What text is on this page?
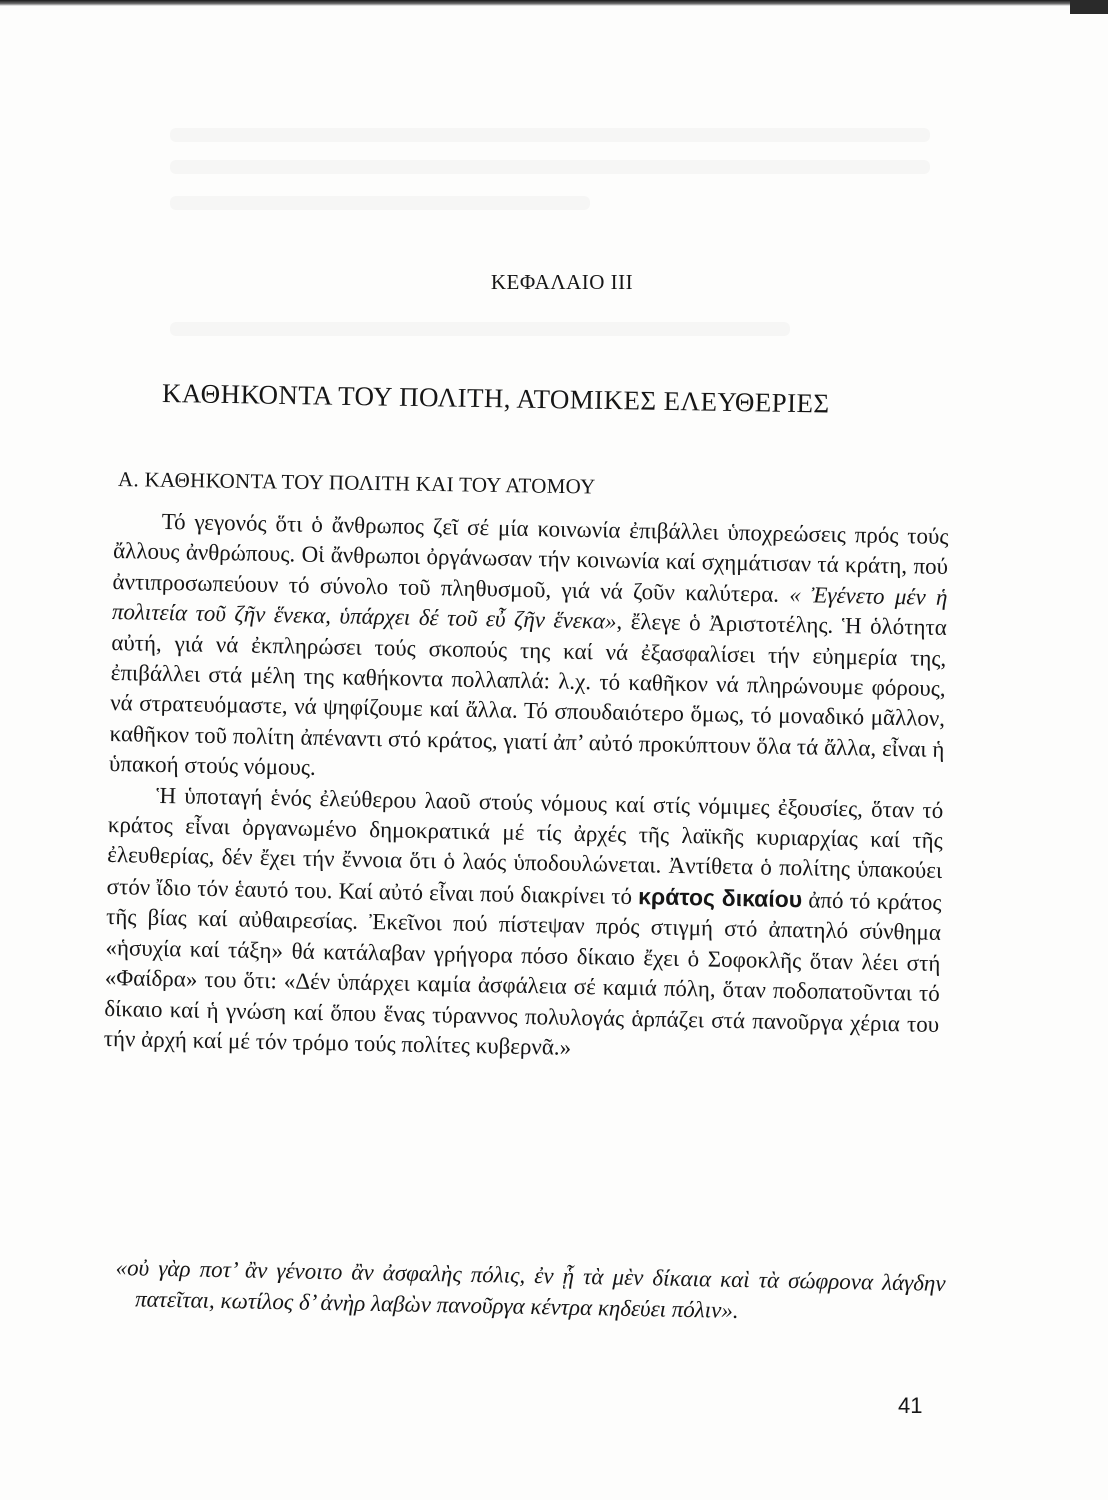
ΚΕΦΑΛΑΙΟ ΙΙΙ
ΚΑΘΗΚΟΝΤΑ ΤΟΥ ΠΟΛΙΤΗ, ΑΤΟΜΙΚΕΣ ΕΛΕΥΘΕΡΙΕΣ
Α. ΚΑΘΗΚΟΝΤΑ ΤΟΥ ΠΟΛΙΤΗ ΚΑΙ ΤΟΥ ΑΤΟΜΟΥ

Τό γεγονός ὅτι ὁ ἄνθρωπος ζεῖ σέ μία κοινωνία ἐπιβάλλει ὑποχρεώσεις πρός τούς ἄλλους ἀνθρώπους. Οἱ ἄνθρωποι ὀργάνωσαν τήν κοινωνία καί σχημάτισαν τά κράτη, πού ἀντιπροσωπεύουν τό σύνολο τοῦ πληθυσμοῦ, γιά νά ζοῦν καλύτερα. « Ἐγένετο μέν ἡ πολιτεία τοῦ ζῆν ἕνεκα, ὑπάρχει δέ τοῦ εὖ ζῆν ἕνεκα», ἔλεγε ὁ Ἀριστοτέλης. Ἡ ὁλότητα αὐτή, γιά νά ἐκπληρώσει τούς σκοπούς της καί νά ἐξασφαλίσει τήν εὐημερία της, ἐπιβάλλει στά μέλη της καθήκοντα πολλαπλά: λ.χ. τό καθῆκον νά πληρώνουμε φόρους, νά στρατευόμαστε, νά ψηφίζουμε καί ἄλλα. Τό σπουδαιότερο ὅμως, τό μοναδικό μᾶλλον, καθῆκον τοῦ πολίτη ἀπέναντι στό κράτος, γιατί ἀπ’ αὐτό προκύπτουν ὅλα τά ἄλλα, εἶναι ἡ ὑπακοή στούς νόμους.

Ἡ ὑποταγή ἑνός ἐλεύθερου λαοῦ στούς νόμους καί στίς νόμιμες ἐξουσίες, ὅταν τό κράτος εἶναι ὀργανωμένο δημοκρατικά μέ τίς ἀρχές τῆς λαϊκῆς κυριαρχίας καί τῆς ἐλευθερίας, δέν ἔχει τήν ἔννοια ὅτι ὁ λαός ὑποδουλώνεται. Ἀντίθετα ὁ πολίτης ὑπακούει στόν ἴδιο τόν ἑαυτό του. Καί αὐτό εἶναι πού διακρίνει τό κράτος δικαίου ἀπό τό κράτος τῆς βίας καί αὐθαιρεσίας. Ἐκεῖνοι πού πίστεψαν πρός στιγμή στό ἀπατηλό σύνθημα «ἡσυχία καί τάξη» θά κατάλαβαν γρήγορα πόσο δίκαιο ἔχει ὁ Σοφοκλῆς ὅταν λέει στή «Φαίδρα» του ὅτι: «Δέν ὑπάρχει καμία ἀσφάλεια σέ καμιά πόλη, ὅταν ποδοπατοῦνται τό δίκαιο καί ἡ γνώση καί ὅπου ἕνας τύραννος πολυλογάς ἁρπάζει στά πανοῦργα χέρια του τήν ἀρχή καί μέ τόν τρόμο τούς πολίτες κυβερνᾶ.»

«οὐ γὰρ ποτ’ ἂν γένοιτο ἂν ἀσφαλὴς πόλις, ἐν ᾗ τὰ μὲν δίκαια καὶ τὰ σώφρονα λάγδην πατεῖται, κωτίλος δ’ ἀνὴρ λαβὼν πανοῦργα κέντρα κηδεύει πόλιν».
41
